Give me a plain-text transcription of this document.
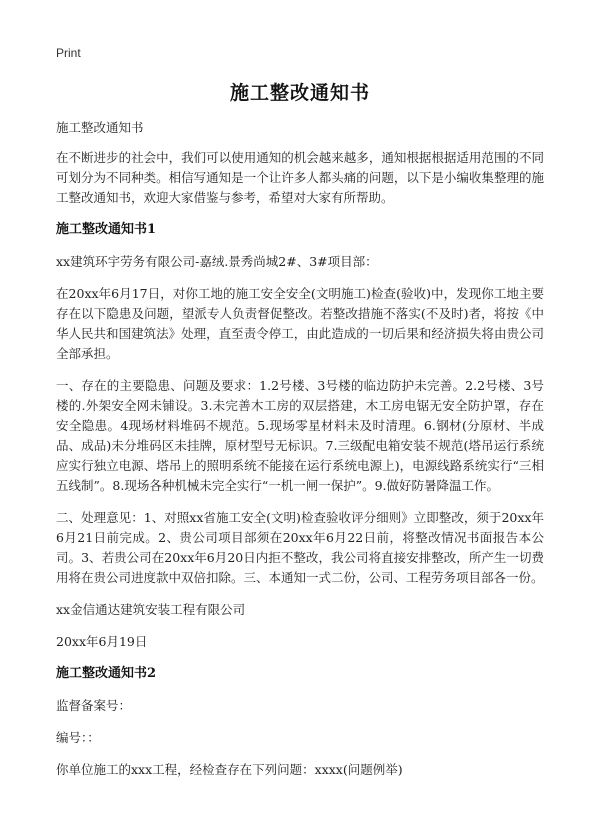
Print
施工整改通知书

施工整改通知书

在不断进步的社会中，我们可以使用通知的机会越来越多，通知根据根据适用范围的不同可划分为不同种类。相信写通知是一个让许多人都头痛的问题，以下是小编收集整理的施工整改通知书，欢迎大家借鉴与参考，希望对大家有所帮助。

施工整改通知书1

xx建筑环宇劳务有限公司-嘉绒.景秀尚城2#、3#项目部：

在20xx年6月17日，对你工地的施工安全安全(文明施工)检查(验收)中，发现你工地主要存在以下隐患及问题，望派专人负责督促整改。若整改措施不落实(不及时)者，将按《中华人民共和国建筑法》处理，直至责令停工，由此造成的一切后果和经济损失将由贵公司全部承担。

一、存在的主要隐患、问题及要求：1.2号楼、3号楼的临边防护未完善。2.2号楼、3号楼的.外架安全网未铺设。3.未完善木工房的双层搭建，木工房电锯无安全防护罩，存在安全隐患。4现场材料堆码不规范。5.现场零星材料未及时清理。6.钢材(分原材、半成品、成品)未分堆码区未挂牌，原材型号无标识。7.三级配电箱安装不规范(塔吊运行系统应实行独立电源、塔吊上的照明系统不能接在运行系统电源上)，电源线路系统实行“三相五线制”。8.现场各种机械未完全实行“一机一闸一保护”。9.做好防暑降温工作。

二、处理意见：1、对照xx省施工安全(文明)检查验收评分细则》立即整改，须于20xx年6月21日前完成。2、贵公司项目部须在20xx年6月22日前，将整改情况书面报告本公司。3、若贵公司在20xx年6月20日内拒不整改，我公司将直接安排整改，所产生一切费用将在贵公司进度款中双倍扣除。三、本通知一式二份，公司、工程劳务项目部各一份。

xx金信通达建筑安装工程有限公司

20xx年6月19日

施工整改通知书2

监督备案号：

编号：：

你单位施工的xxx工程，经检查存在下列问题：xxxx(问题例举)
